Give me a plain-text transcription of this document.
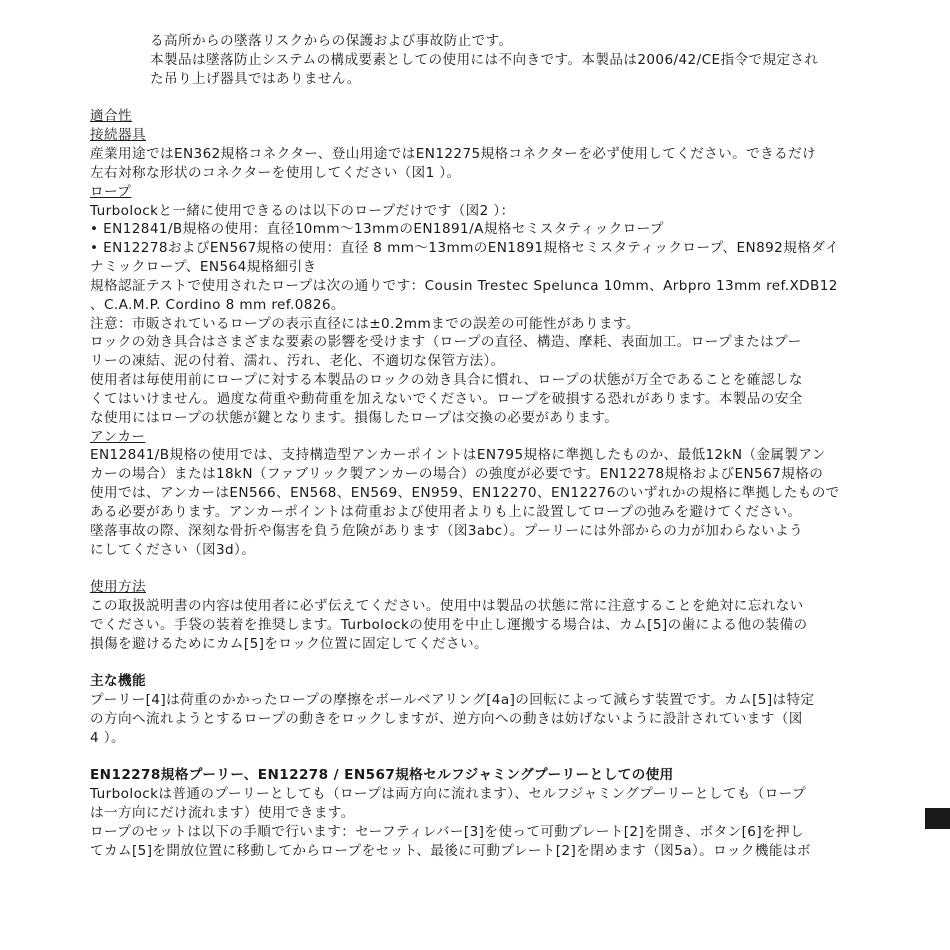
る高所からの墜落リスクからの保護および事故防止です。
本製品は墜落防止システムの構成要素としての使用には不向きです。本製品は2006/42/CE指令で規定され
た吊り上げ器具ではありません。
適合性
接続器具
産業用途ではEN362規格コネクター、登山用途ではEN12275規格コネクターを必ず使用してください。できるだけ
左右対称な形状のコネクターを使用してください（図1 ）。
ロープ
Turbolockと一緒に使用できるのは以下のロープだけです（図2 ）：
• EN12841/B規格の使用：直径10mm〜13mmのEN1891/A規格セミスタティックロープ
• EN12278およびEN567規格の使用：直径 8 mm〜13mmのEN1891規格セミスタティックロープ、EN892規格ダイ
ナミックロープ、EN564規格細引き
規格認証テストで使用されたロープは次の通りです：Cousin Trestec Spelunca 10mm、Arbpro 13mm ref.XDB12
、C.A.M.P. Cordino 8 mm ref.0826。
注意：市販されているロープの表示直径には±0.2mmまでの誤差の可能性があります。
ロックの効き具合はさまざまな要素の影響を受けます（ロープの直径、構造、摩耗、表面加工。ロープまたはプー
リーの凍結、泥の付着、濡れ、汚れ、老化、不適切な保管方法）。
使用者は毎使用前にロープに対する本製品のロックの効き具合に慣れ、ロープの状態が万全であることを確認しな
くてはいけません。過度な荷重や動荷重を加えないでください。ロープを破損する恐れがあります。本製品の安全
な使用にはロープの状態が鍵となります。損傷したロープは交換の必要があります。
アンカー
EN12841/B規格の使用では、支持構造型アンカーポイントはEN795規格に準拠したものか、最低12kN（金属製アン
カーの場合）または18kN（ファブリック製アンカーの場合）の強度が必要です。EN12278規格およびEN567規格の
使用では、アンカーはEN566、EN568、EN569、EN959、EN12270、EN12276のいずれかの規格に準拠したもので
ある必要があります。アンカーポイントは荷重および使用者よりも上に設置してロープの弛みを避けてください。
墜落事故の際、深刻な骨折や傷害を負う危険があります（図3abc）。プーリーには外部からの力が加わらないよう
にしてください（図3d）。
使用方法
この取扱説明書の内容は使用者に必ず伝えてください。使用中は製品の状態に常に注意することを絶対に忘れない
でください。手袋の装着を推奨します。Turbolockの使用を中止し運搬する場合は、カム[5]の歯による他の装備の
損傷を避けるためにカム[5]をロック位置に固定してください。
主な機能
プーリー[4]は荷重のかかったロープの摩擦をボールベアリング[4a]の回転によって減らす装置です。カム[5]は特定
の方向へ流れようとするロープの動きをロックしますが、逆方向への動きは妨げないように設計されています（図
4 ）。
EN12278規格プーリー、EN12278 / EN567規格セルフジャミングプーリーとしての使用
Turbolockは普通のプーリーとしても（ロープは両方向に流れます）、セルフジャミングプーリーとしても（ロープ
は一方向にだけ流れます）使用できます。
ロープのセットは以下の手順で行います：セーフティレバー[3]を使って可動プレート[2]を開き、ボタン[6]を押し
てカム[5]を開放位置に移動してからロープをセット、最後に可動プレート[2]を閉めます（図5a）。ロック機能はボ
